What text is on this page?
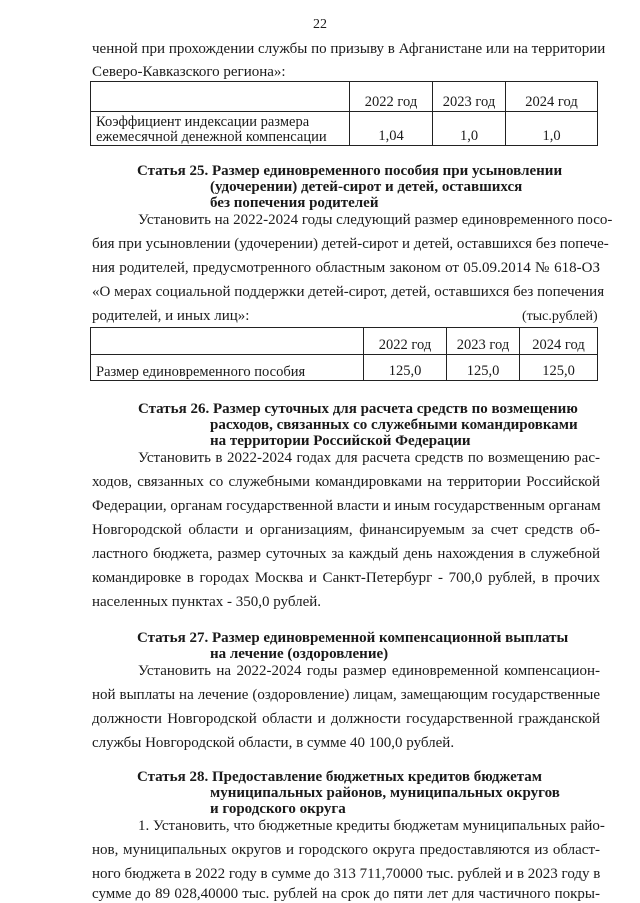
22
ченной при прохождении службы по призыву в Афганистане или на территории
Северо-Кавказского региона»:
	2022 год	2023 год	2024 год

Коэффициент индексации размера
ежемесячной денежной компенсации	1,04	1,0	1,0
Статья 25. Размер единовременного пособия при усыновлении
(удочерении) детей-сирот и детей, оставшихся
без попечения родителей
Установить на 2022-2024 годы следующий размер единовременного посо-
бия при усыновлении (удочерении) детей-сирот и детей, оставшихся без попече-
ния родителей, предусмотренного областным законом от 05.09.2014 № 618-ОЗ
«О мерах социальной поддержки детей-сирот, детей, оставшихся без попечения
родителей, и иных лиц»:	(тыс.рублей)
	2022 год	2023 год	2024 год
Размер единовременного пособия	125,0	125,0	125,0
Статья 26. Размер суточных для расчета средств по возмещению
расходов, связанных со служебными командировками
на территории Российской Федерации
Установить в 2022-2024 годах для расчета средств по возмещению рас-
ходов, связанных со служебными командировками на территории Российской
Федерации, органам государственной власти и иным государственным органам
Новгородской области и организациям, финансируемым за счет средств об-
ластного бюджета, размер суточных за каждый день нахождения в служебной
командировке в городах Москва и Санкт-Петербург - 700,0 рублей, в прочих
населенных пунктах - 350,0 рублей.
Статья 27. Размер единовременной компенсационной выплаты
на лечение (оздоровление)
Установить на 2022-2024 годы размер единовременной компенсацион-
ной выплаты на лечение (оздоровление) лицам, замещающим государственные
должности Новгородской области и должности государственной гражданской
службы Новгородской области, в сумме 40 100,0 рублей.
Статья 28. Предоставление бюджетных кредитов бюджетам
муниципальных районов, муниципальных округов
и городского округа
1. Установить, что бюджетные кредиты бюджетам муниципальных райо-
нов, муниципальных округов и городского округа предоставляются из област-
ного бюджета в 2022 году в сумме до 313 711,70000 тыс. рублей и в 2023 году в
сумме до 89 028,40000 тыс. рублей на срок до пяти лет для частичного покры-
